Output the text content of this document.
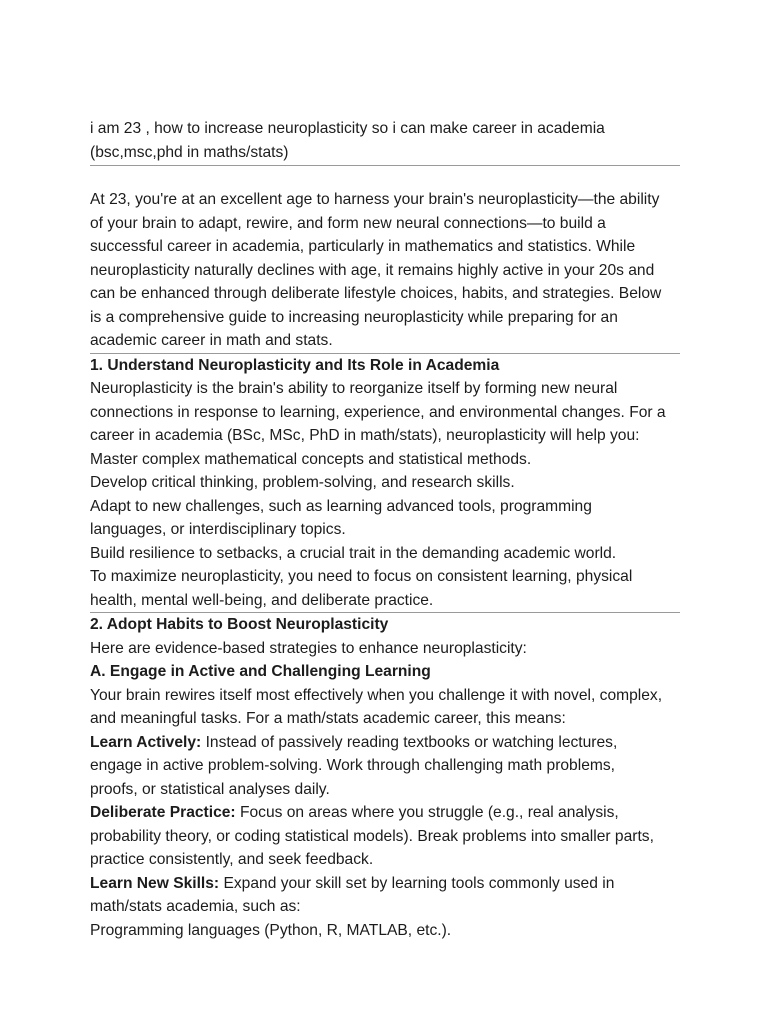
i am 23 , how to increase neuroplasticity so i can make career in academia

(bsc,msc,phd in maths/stats)

At 23, you're at an excellent age to harness your brain's neuroplasticity—the ability

of your brain to adapt, rewire, and form new neural connections—to build a

successful career in academia, particularly in mathematics and statistics. While

neuroplasticity naturally declines with age, it remains highly active in your 20s and

can be enhanced through deliberate lifestyle choices, habits, and strategies. Below

is a comprehensive guide to increasing neuroplasticity while preparing for an

academic career in math and stats.

1. Understand Neuroplasticity and Its Role in Academia

Neuroplasticity is the brain's ability to reorganize itself by forming new neural

connections in response to learning, experience, and environmental changes. For a

career in academia (BSc, MSc, PhD in math/stats), neuroplasticity will help you:

Master complex mathematical concepts and statistical methods.

Develop critical thinking, problem-solving, and research skills.

Adapt to new challenges, such as learning advanced tools, programming

languages, or interdisciplinary topics.

Build resilience to setbacks, a crucial trait in the demanding academic world.

To maximize neuroplasticity, you need to focus on consistent learning, physical

health, mental well-being, and deliberate practice.

2. Adopt Habits to Boost Neuroplasticity

Here are evidence-based strategies to enhance neuroplasticity:

A. Engage in Active and Challenging Learning

Your brain rewires itself most effectively when you challenge it with novel, complex,

and meaningful tasks. For a math/stats academic career, this means:

Learn Actively: Instead of passively reading textbooks or watching lectures,

engage in active problem-solving. Work through challenging math problems,

proofs, or statistical analyses daily.

Deliberate Practice: Focus on areas where you struggle (e.g., real analysis,

probability theory, or coding statistical models). Break problems into smaller parts,

practice consistently, and seek feedback.

Learn New Skills: Expand your skill set by learning tools commonly used in

math/stats academia, such as:

Programming languages (Python, R, MATLAB, etc.).
